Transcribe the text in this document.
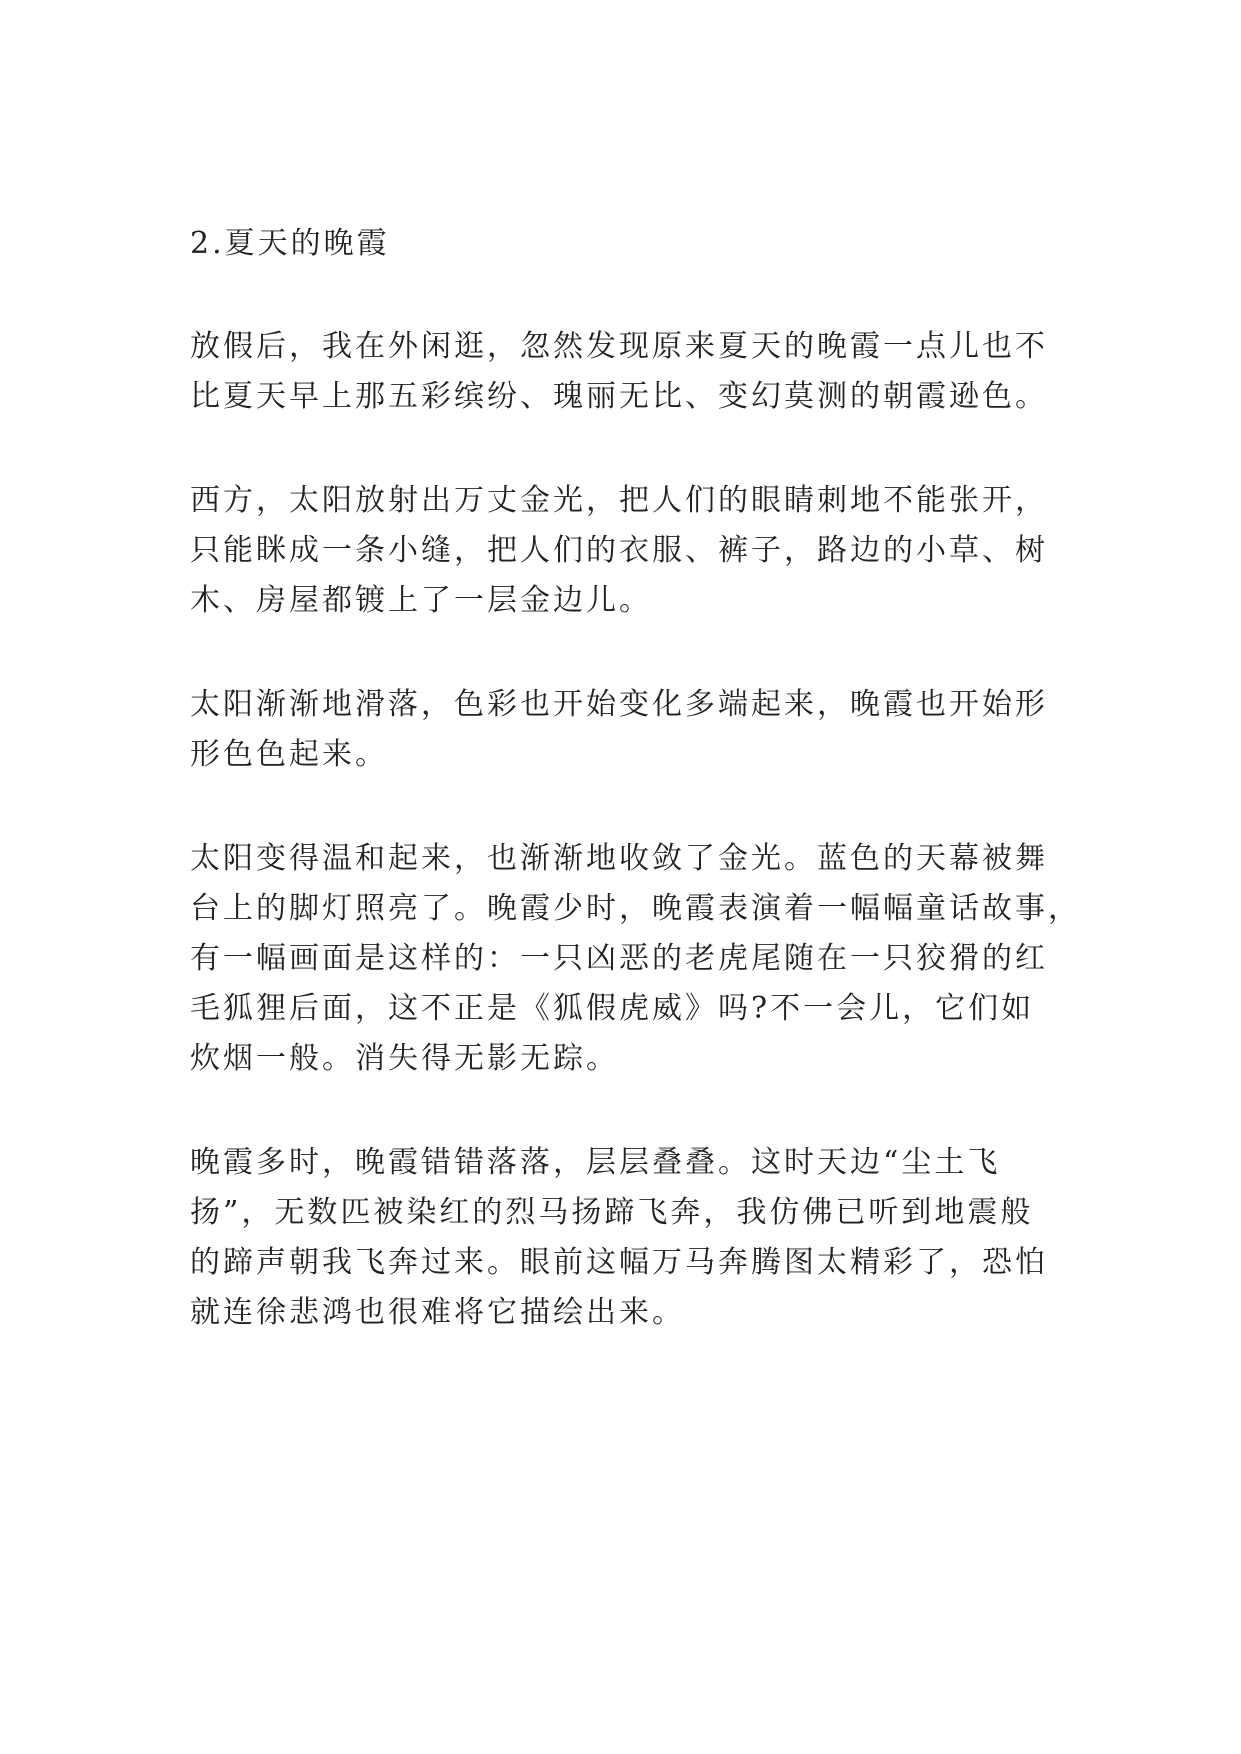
2.夏天的晚霞
放假后，我在外闲逛，忽然发现原来夏天的晚霞一点儿也不
比夏天早上那五彩缤纷、瑰丽无比、变幻莫测的朝霞逊色。
西方，太阳放射出万丈金光，把人们的眼睛刺地不能张开，
只能眯成一条小缝，把人们的衣服、裤子，路边的小草、树
木、房屋都镀上了一层金边儿。
太阳渐渐地滑落，色彩也开始变化多端起来，晚霞也开始形
形色色起来。
太阳变得温和起来，也渐渐地收敛了金光。蓝色的天幕被舞
台上的脚灯照亮了。晚霞少时，晚霞表演着一幅幅童话故事，
有一幅画面是这样的：一只凶恶的老虎尾随在一只狡猾的红
毛狐狸后面，这不正是《狐假虎威》吗?不一会儿，它们如
炊烟一般。消失得无影无踪。
晚霞多时，晚霞错错落落，层层叠叠。这时天边“尘土飞
扬”，无数匹被染红的烈马扬蹄飞奔，我仿佛已听到地震般
的蹄声朝我飞奔过来。眼前这幅万马奔腾图太精彩了，恐怕
就连徐悲鸿也很难将它描绘出来。
